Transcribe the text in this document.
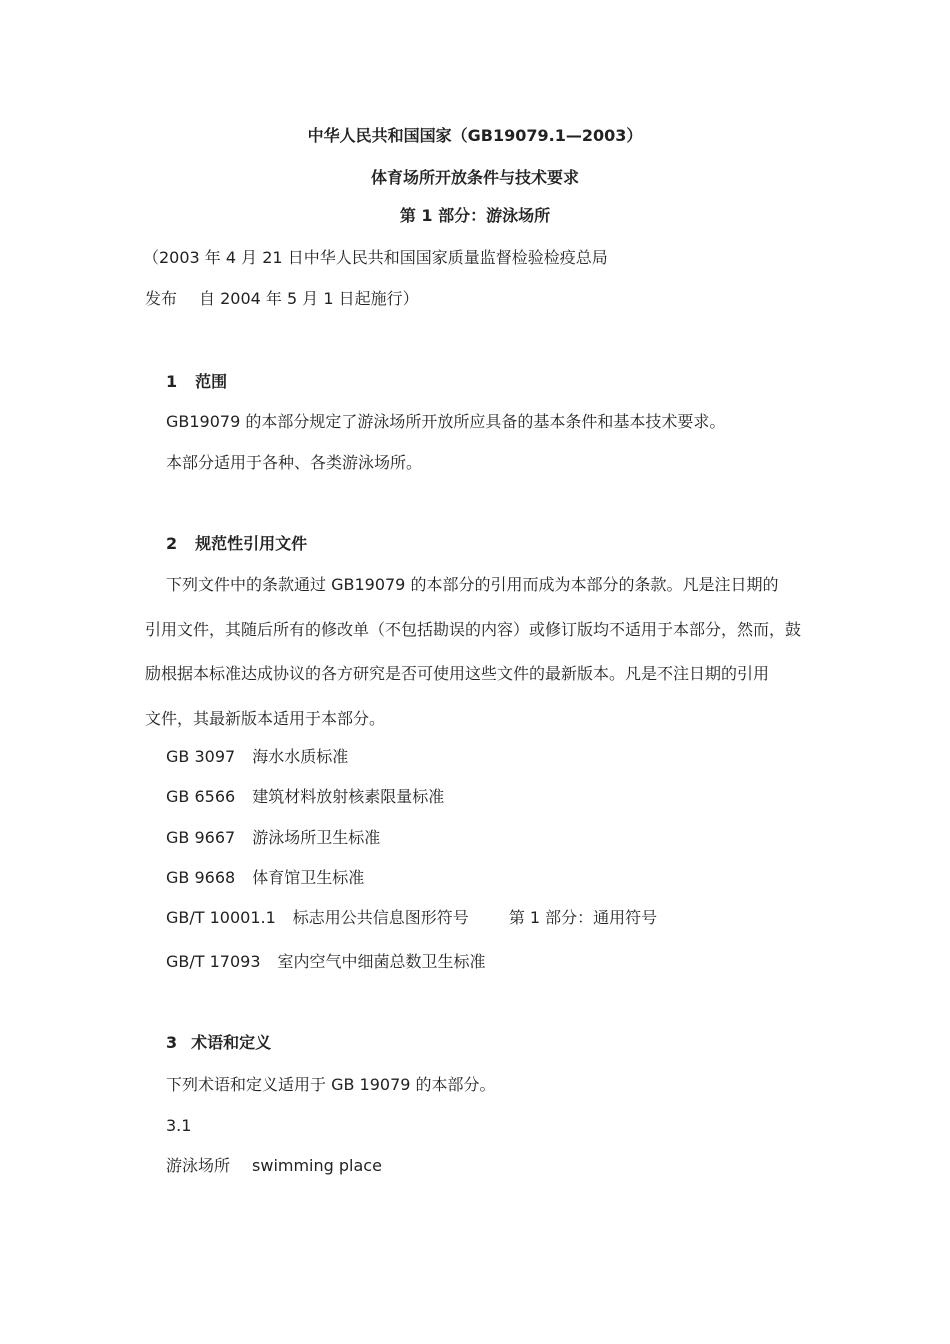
中华人民共和国国家（GB19079.1—2003）
体育场所开放条件与技术要求
第 1 部分：游泳场所
（2003 年 4 月 21 日中华人民共和国国家质量监督检验检疫总局
发布 自 2004 年 5 月 1 日起施行）
1 范围
GB19079 的本部分规定了游泳场所开放所应具备的基本条件和基本技术要求。
本部分适用于各种、各类游泳场所。
2 规范性引用文件
下列文件中的条款通过 GB19079 的本部分的引用而成为本部分的条款。凡是注日期的
引用文件，其随后所有的修改单（不包括勘误的内容）或修订版均不适用于本部分，然而，鼓
励根据本标准达成协议的各方研究是否可使用这些文件的最新版本。凡是不注日期的引用
文件，其最新版本适用于本部分。
GB 3097 海水水质标准
GB 6566 建筑材料放射核素限量标准
GB 9667 游泳场所卫生标准
GB 9668 体育馆卫生标准
GB/T 10001.1 标志用公共信息图形符号	第 1 部分：通用符号
GB/T 17093 室内空气中细菌总数卫生标准
3 术语和定义
下列术语和定义适用于 GB 19079 的本部分。
3.1
游泳场所 swimming place
